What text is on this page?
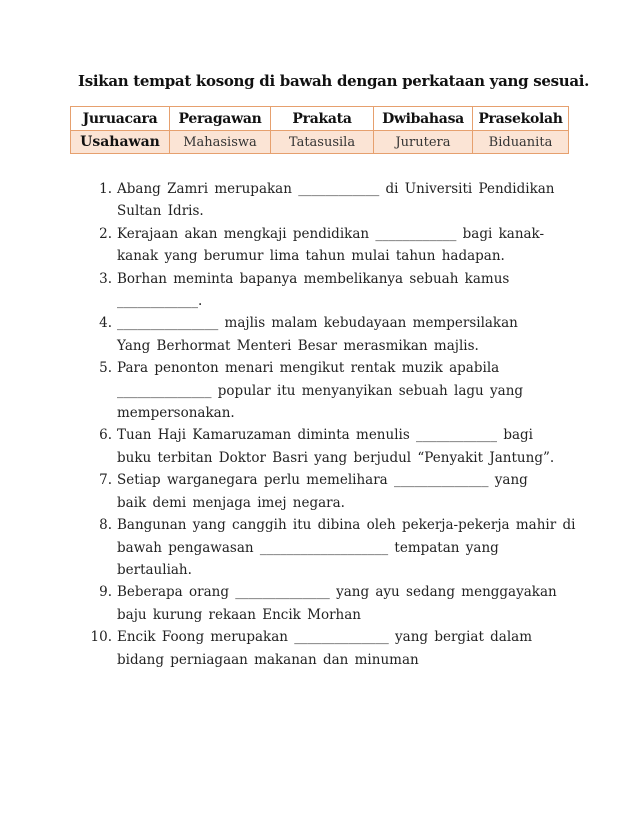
Isikan tempat kosong di bawah dengan perkataan yang sesuai.
Juruacara	Peragawan	Prakata	Dwibahasa	Prasekolah
Usahawan	Mahasiswa	Tatasusila	Jurutera	Biduanita
1. Abang Zamri merupakan ____________ di Universiti Pendidikan
Sultan Idris.
2. Kerajaan akan mengkaji pendidikan ____________ bagi kanak-
kanak yang berumur lima tahun mulai tahun hadapan.
3. Borhan meminta bapanya membelikanya sebuah kamus
____________.
4. _______________ majlis malam kebudayaan mempersilakan
Yang Berhormat Menteri Besar merasmikan majlis.
5. Para penonton menari mengikut rentak muzik apabila
______________ popular itu menyanyikan sebuah lagu yang
mempersonakan.
6. Tuan Haji Kamaruzaman diminta menulis ____________ bagi
buku terbitan Doktor Basri yang berjudul “Penyakit Jantung”.
7. Setiap warganegara perlu memelihara ______________ yang
baik demi menjaga imej negara.
8. Bangunan yang canggih itu dibina oleh pekerja-pekerja mahir di
bawah pengawasan ___________________ tempatan yang
bertauliah.
9. Beberapa orang ______________ yang ayu sedang menggayakan
baju kurung rekaan Encik Morhan
10. Encik Foong merupakan ______________ yang bergiat dalam
bidang perniagaan makanan dan minuman
